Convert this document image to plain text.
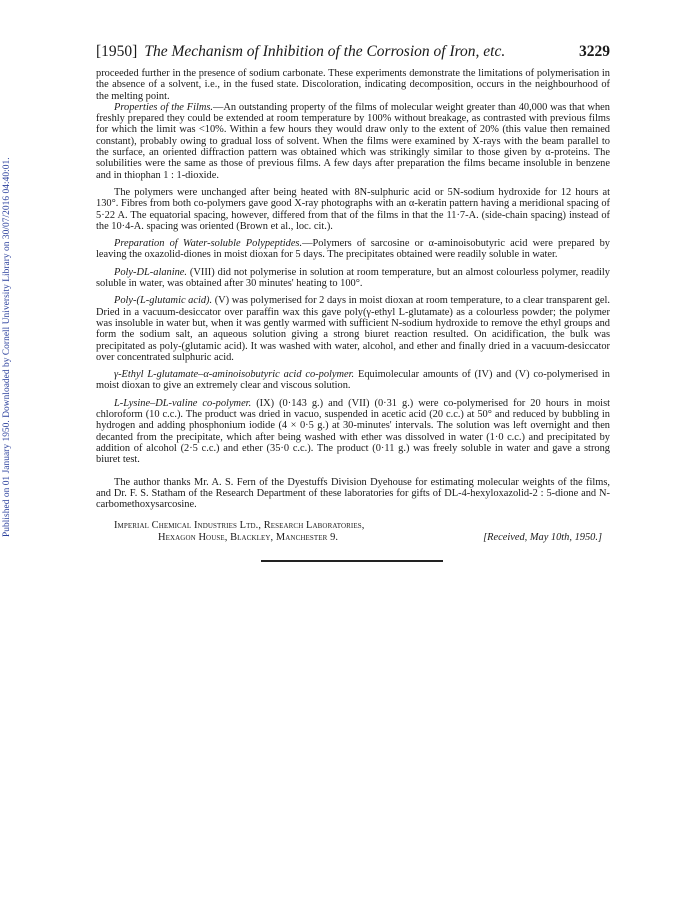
Published on 01 January 1950. Downloaded by Cornell University Library on 30/07/2016 04:40:01.
[1950] The Mechanism of Inhibition of the Corrosion of Iron, etc.	3229

proceeded further in the presence of sodium carbonate. These experiments demonstrate the limitations of polymerisation in the absence of a solvent, i.e., in the fused state. Discoloration, indicating decomposition, occurs in the neighbourhood of the melting point.

Properties of the Films.—An outstanding property of the films of molecular weight greater than 40,000 was that when freshly prepared they could be extended at room temperature by 100% without breakage, as contrasted with previous films for which the limit was <10%. Within a few hours they would draw only to the extent of 20% (this value then remained constant), probably owing to gradual loss of solvent. When the films were examined by X-rays with the beam parallel to the surface, an oriented diffraction pattern was obtained which was strikingly similar to those given by α-proteins. The solubilities were the same as those of previous films. A few days after preparation the films became insoluble in benzene and in thiophan 1 : 1-dioxide.

The polymers were unchanged after being heated with 8N-sulphuric acid or 5N-sodium hydroxide for 12 hours at 130°. Fibres from both co-polymers gave good X-ray photographs with an α-keratin pattern having a meridional spacing of 5·22 A. The equatorial spacing, however, differed from that of the films in that the 11·7-A. (side-chain spacing) instead of the 10·4-A. spacing was oriented (Brown et al., loc. cit.).

Preparation of Water-soluble Polypeptides.—Polymers of sarcosine or α-aminoisobutyric acid were prepared by leaving the oxazolid-diones in moist dioxan for 5 days. The precipitates obtained were readily soluble in water.

Poly-DL-alanine. (VIII) did not polymerise in solution at room temperature, but an almost colourless polymer, readily soluble in water, was obtained after 30 minutes' heating to 100°.

Poly-(L-glutamic acid). (V) was polymerised for 2 days in moist dioxan at room temperature, to a clear transparent gel. Dried in a vacuum-desiccator over paraffin wax this gave poly(γ-ethyl L-glutamate) as a colourless powder; the polymer was insoluble in water but, when it was gently warmed with sufficient N-sodium hydroxide to remove the ethyl groups and form the sodium salt, an aqueous solution giving a strong biuret reaction resulted. On acidification, the bulk was precipitated as poly-(glutamic acid). It was washed with water, alcohol, and ether and finally dried in a vacuum-desiccator over concentrated sulphuric acid.

γ-Ethyl L-glutamate–α-aminoisobutyric acid co-polymer. Equimolecular amounts of (IV) and (V) co-polymerised in moist dioxan to give an extremely clear and viscous solution.

L-Lysine–DL-valine co-polymer. (IX) (0·143 g.) and (VII) (0·31 g.) were co-polymerised for 20 hours in moist chloroform (10 c.c.). The product was dried in vacuo, suspended in acetic acid (20 c.c.) at 50° and reduced by bubbling in hydrogen and adding phosphonium iodide (4 × 0·5 g.) at 30-minutes' intervals. The solution was left overnight and then decanted from the precipitate, which after being washed with ether was dissolved in water (1·0 c.c.) and precipitated by addition of alcohol (2·5 c.c.) and ether (35·0 c.c.). The product (0·11 g.) was freely soluble in water and gave a strong biuret test.

The author thanks Mr. A. S. Fern of the Dyestuffs Division Dyehouse for estimating molecular weights of the films, and Dr. F. S. Statham of the Research Department of these laboratories for gifts of DL-4-hexyloxazolid-2 : 5-dione and N-carbomethoxysarcosine.

Imperial Chemical Industries Ltd., Research Laboratories,
Hexagon House, Blackley, Manchester 9.	[Received, May 10th, 1950.]
